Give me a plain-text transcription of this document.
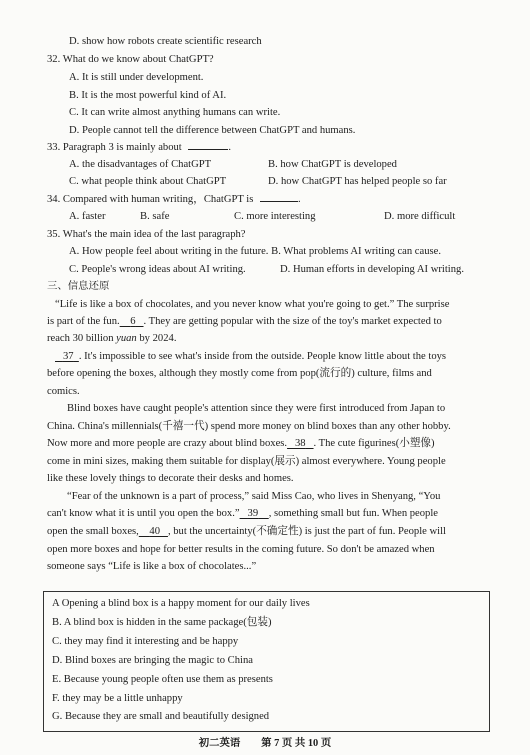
D. show how robots create scientific research
32. What do we know about ChatGPT?
A. It is still under development.
B. It is the most powerful kind of AI.
C. It can write almost anything humans can write.
D. People cannot tell the difference between ChatGPT and humans.
33. Paragraph 3 is mainly about	.
A. the disadvantages of ChatGPT	B. how ChatGPT is developed
C. what people think about ChatGPT	D. how ChatGPT has helped people so far
34. Compared with human writing，ChatGPT is	.
A. faster	B. safe	C. more interesting	D. more difficult
35. What's the main idea of the last paragraph?
A. How people feel about writing in the future. B. What problems AI writing can cause.
C. People's wrong ideas about AI writing.	D. Human efforts in developing AI writing.
三、信息还原
“Life is like a box of chocolates, and you never know what you're going to get.” The surprise
is part of the fun. 6 . They are getting popular with the size of the toy's market expected to
reach 30 billion yuan by 2024.
37 . It's impossible to see what's inside from the outside. People know little about the toys
before opening the boxes, although they mostly come from pop(流行的) culture, films and
comics.
Blind boxes have caught people's attention since they were first introduced from Japan to
China. China's millennials(千禧一代) spend more money on blind boxes than any other hobby.
Now more and more people are crazy about blind boxes. 38 . The cute figurines(小塑像)
come in mini sizes, making them suitable for display(展示) almost everywhere. Young people
like these lovely things to decorate their desks and homes.
“Fear of the unknown is a part of process,” said Miss Cao, who lives in Shenyang, “You
can't know what it is until you open the box.” 39 , something small but fun. When people
open the small boxes, 40 , but the uncertainty(不确定性) is just the part of fun. People will
open more boxes and hope for better results in the coming future. So don't be amazed when
someone says “Life is like a box of chocolates...”
A Opening a blind box is a happy moment for our daily lives
B. A blind box is hidden in the same package(包装)
C. they may find it interesting and be happy
D. Blind boxes are bringing the magic to China
E. Because young people often use them as presents
F. they may be a little unhappy
G. Because they are small and beautifully designed
初二英语　　第 7 页 共 10 页
